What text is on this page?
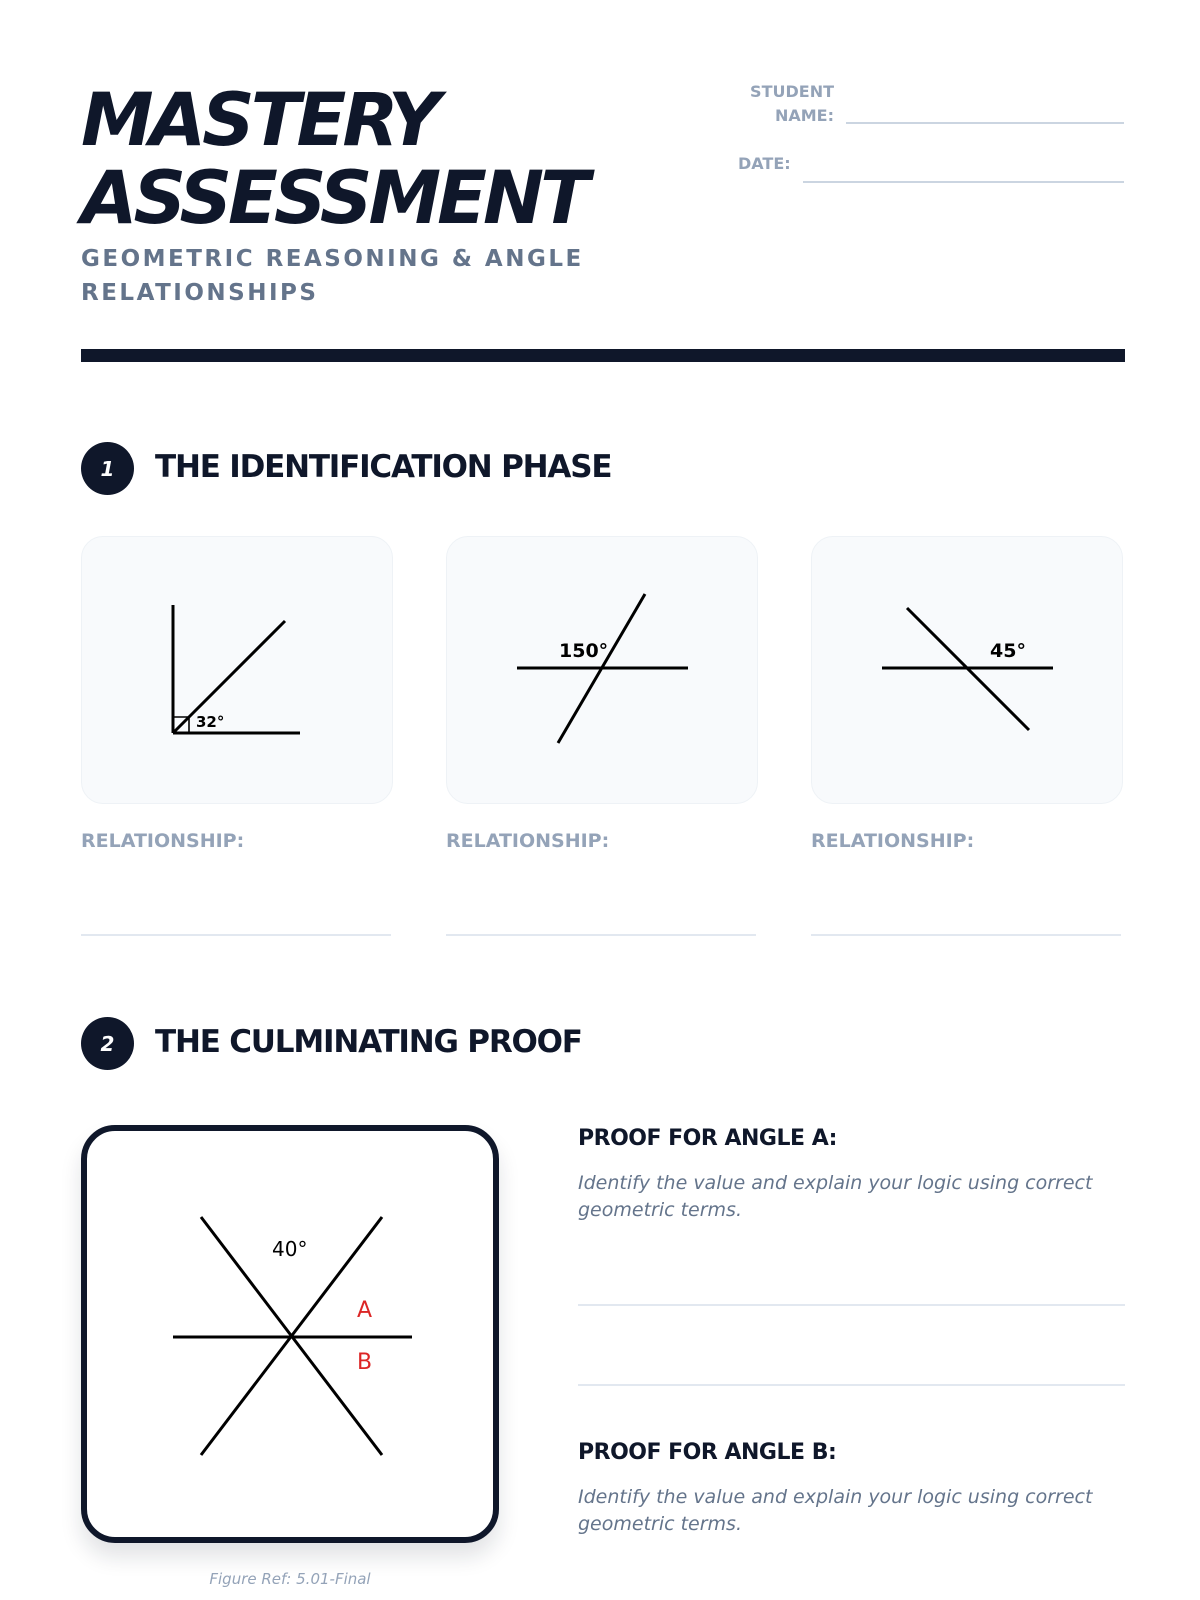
MASTERY
ASSESSMENT

GEOMETRIC REASONING & ANGLE RELATIONSHIPS

STUDENT
NAME:
DATE:
1	THE IDENTIFICATION PHASE
32°
150°	45°
RELATIONSHIP:	RELATIONSHIP:	RELATIONSHIP:
2	THE CULMINATING PROOF
40°
A
B
Figure Ref: 5.01-Final
PROOF FOR ANGLE A:

Identify the value and explain your logic using correct geometric terms.

PROOF FOR ANGLE B:

Identify the value and explain your logic using correct geometric terms.
